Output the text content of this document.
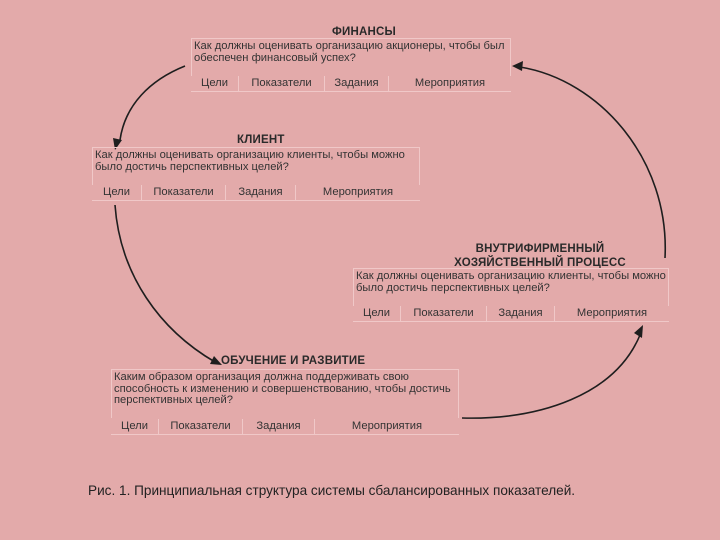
ФИНАНСЫ
Как должны оценивать организацию акционеры, чтобы был обеспечен финансовый успех?
Цели	Показатели	Задания	Мероприятия
КЛИЕНТ
Как должны оценивать организацию клиенты, чтобы можно было достичь перспективных целей?
Цели	Показатели	Задания	Мероприятия
ВНУТРИФИРМЕННЫЙ
ХОЗЯЙСТВЕННЫЙ ПРОЦЕСС
Как должны оценивать организацию клиенты, чтобы можно было достичь перспективных целей?
Цели	Показатели	Задания	Мероприятия
ОБУЧЕНИЕ И РАЗВИТИЕ
Каким образом организация должна поддерживать свою способность к изменению и совершенствованию, чтобы достичь перспективных целей?
Цели	Показатели	Задания	Мероприятия
Рис. 1. Принципиальная структура системы сбалансированных показателей.
